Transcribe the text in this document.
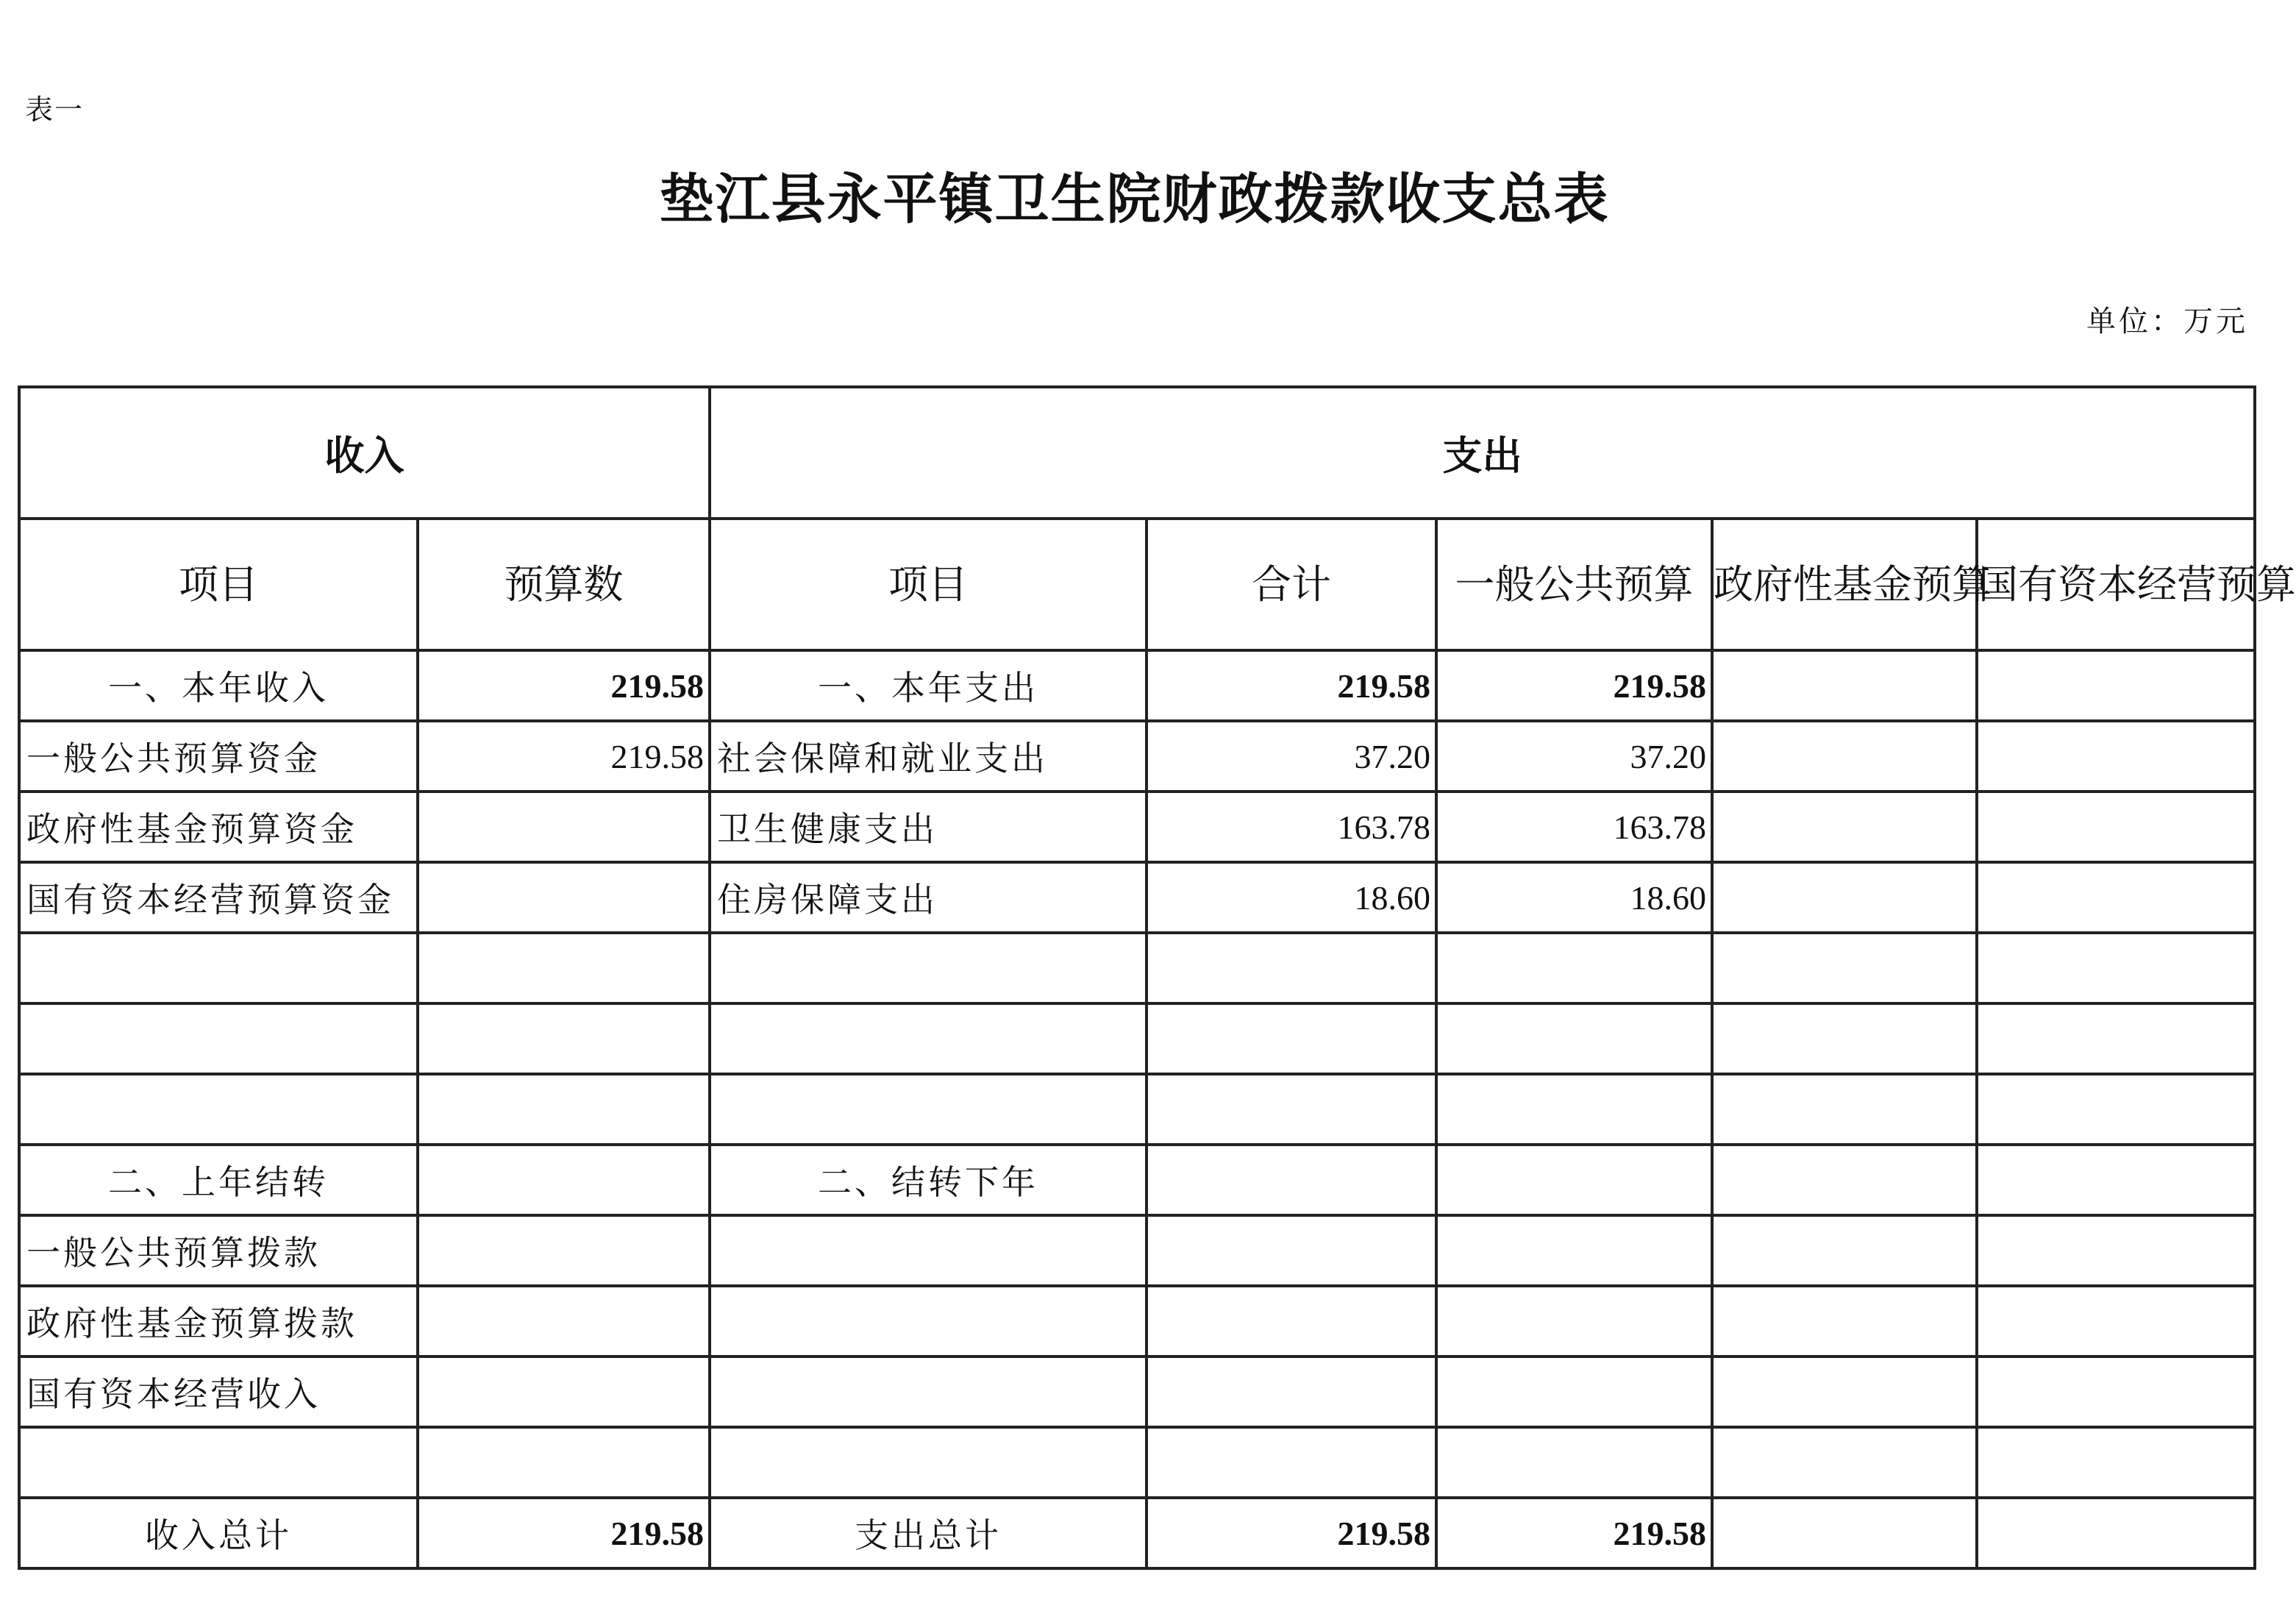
表一
垫江县永平镇卫生院财政拨款收支总表
单位：万元
收入		支出				
项目	预算数	项目	合计	一般公共预算	政府性基金预算	国有资本经营预算
一、本年收入	219.58	一、本年支出	219.58	219.58		
一般公共预算资金	219.58	社会保障和就业支出	37.20	37.20		
政府性基金预算资金		卫生健康支出	163.78	163.78		
国有资本经营预算资金		住房保障支出	18.60	18.60		

二、上年结转		二、结转下年				
一般公共预算拨款						
政府性基金预算拨款						
国有资本经营收入						

收入总计	219.58	支出总计	219.58	219.58		
